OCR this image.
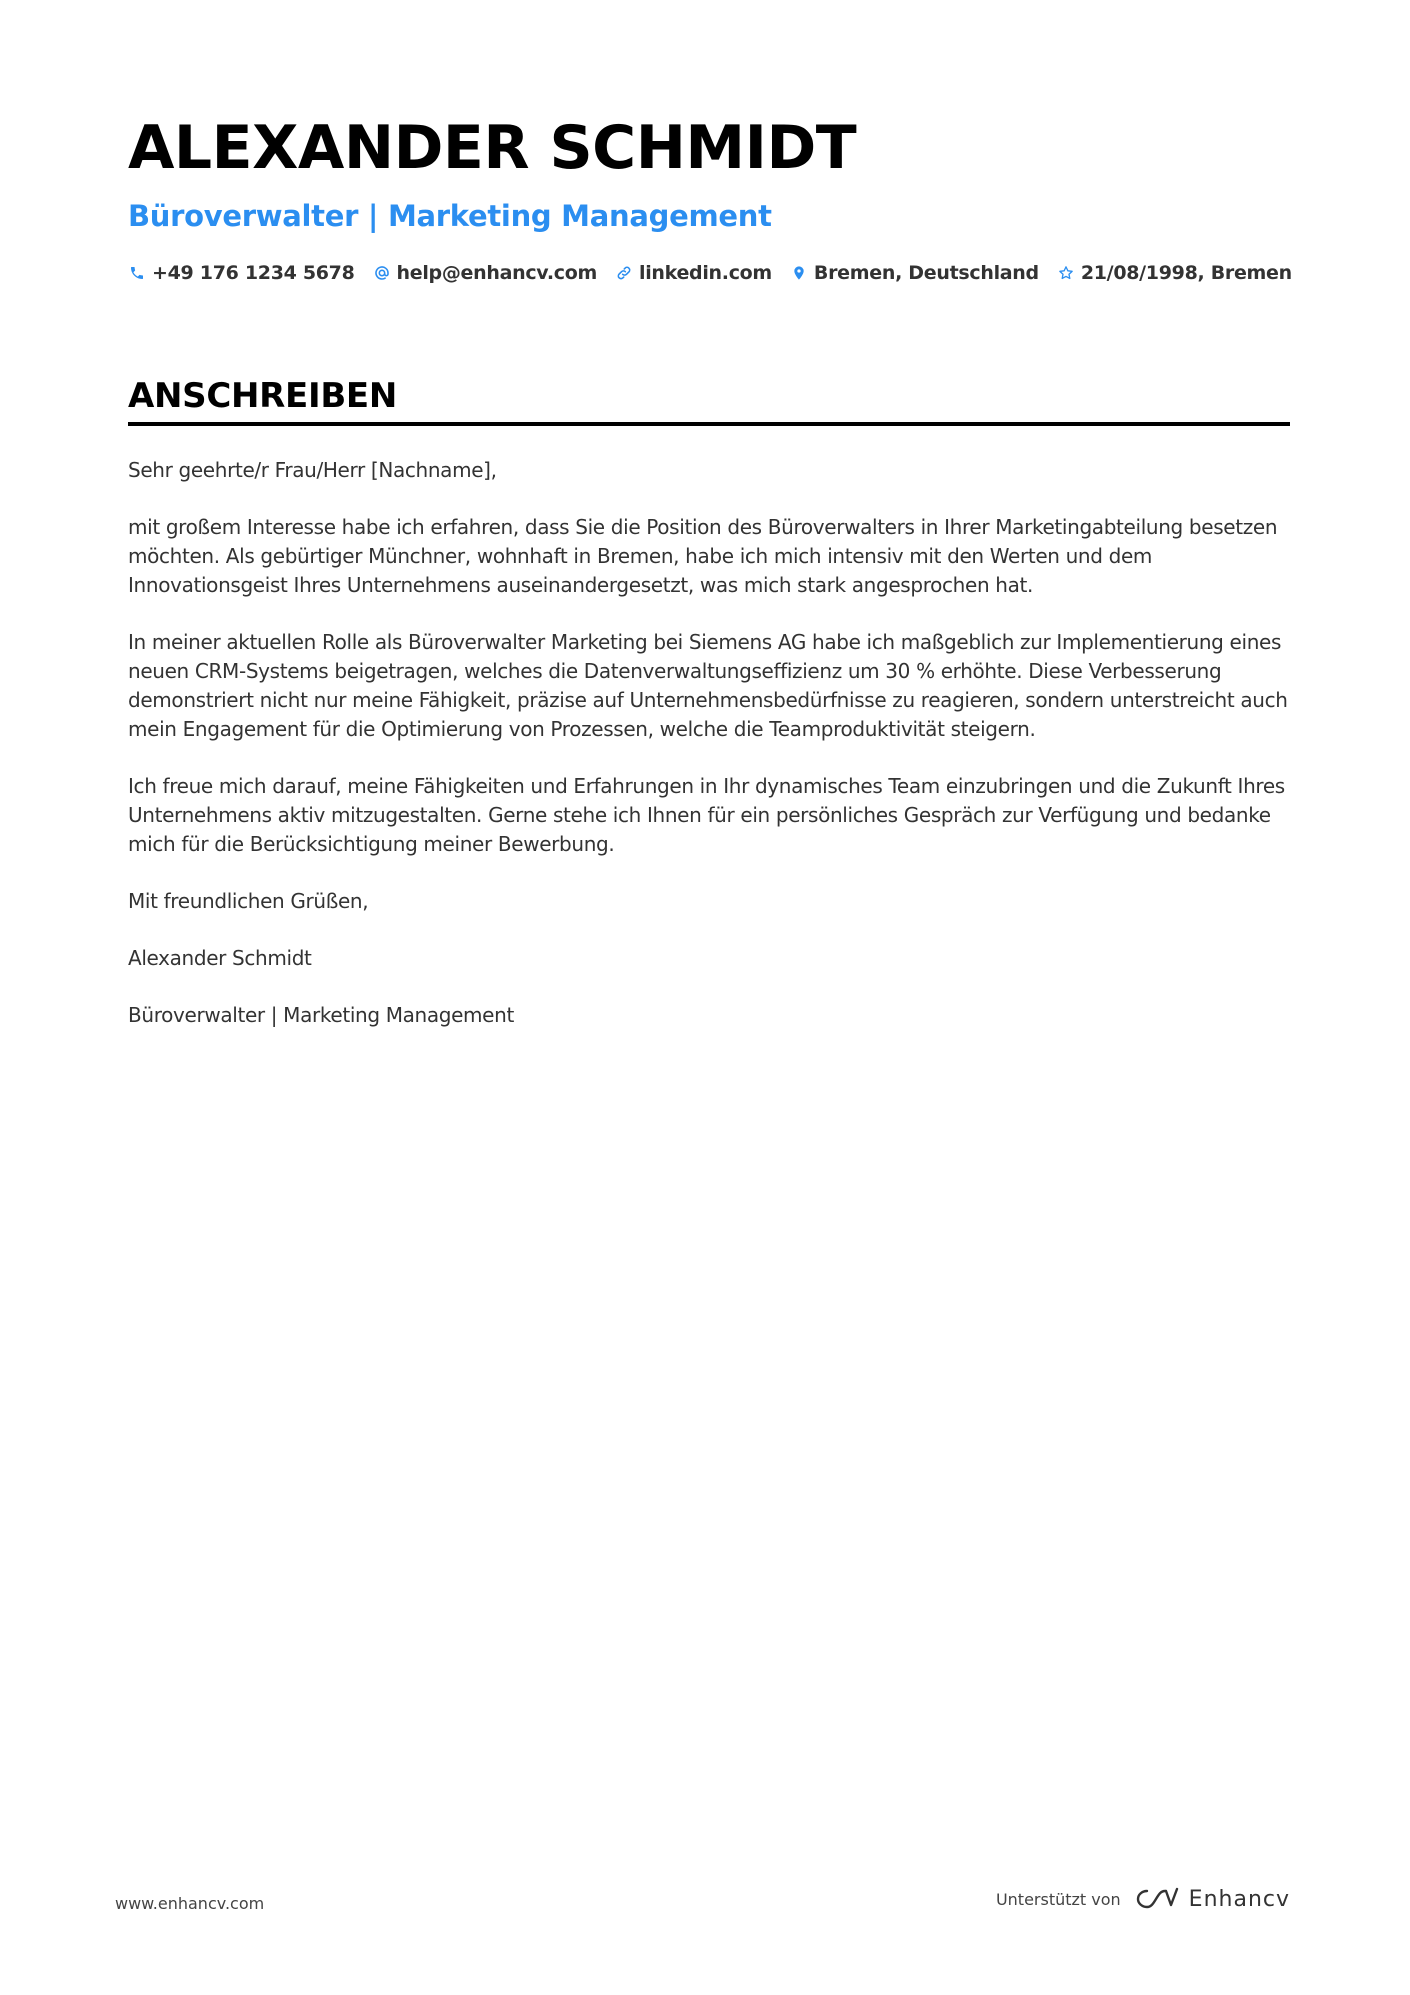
ALEXANDER SCHMIDT
Büroverwalter | Marketing Management
+49 176 1234 5678 help@enhancv.com linkedin.com Bremen, Deutschland 21/08/1998, Bremen
ANSCHREIBEN

Sehr geehrte/r Frau/Herr [Nachname],

mit großem Interesse habe ich erfahren, dass Sie die Position des Büroverwalters in Ihrer Marketingabteilung besetzen möchten. Als gebürtiger Münchner, wohnhaft in Bremen, habe ich mich intensiv mit den Werten und dem Innovationsgeist Ihres Unternehmens auseinandergesetzt, was mich stark angesprochen hat.

In meiner aktuellen Rolle als Büroverwalter Marketing bei Siemens AG habe ich maßgeblich zur Implementierung eines neuen CRM-Systems beigetragen, welches die Datenverwaltungseffizienz um 30 % erhöhte. Diese Verbesserung demonstriert nicht nur meine Fähigkeit, präzise auf Unternehmensbedürfnisse zu reagieren, sondern unterstreicht auch mein Engagement für die Optimierung von Prozessen, welche die Teamproduktivität steigern.

Ich freue mich darauf, meine Fähigkeiten und Erfahrungen in Ihr dynamisches Team einzubringen und die Zukunft Ihres Unternehmens aktiv mitzugestalten. Gerne stehe ich Ihnen für ein persönliches Gespräch zur Verfügung und bedanke mich für die Berücksichtigung meiner Bewerbung.

Mit freundlichen Grüßen,

Alexander Schmidt

Büroverwalter | Marketing Management

www.enhancv.com	Unterstützt von	Enhancv
